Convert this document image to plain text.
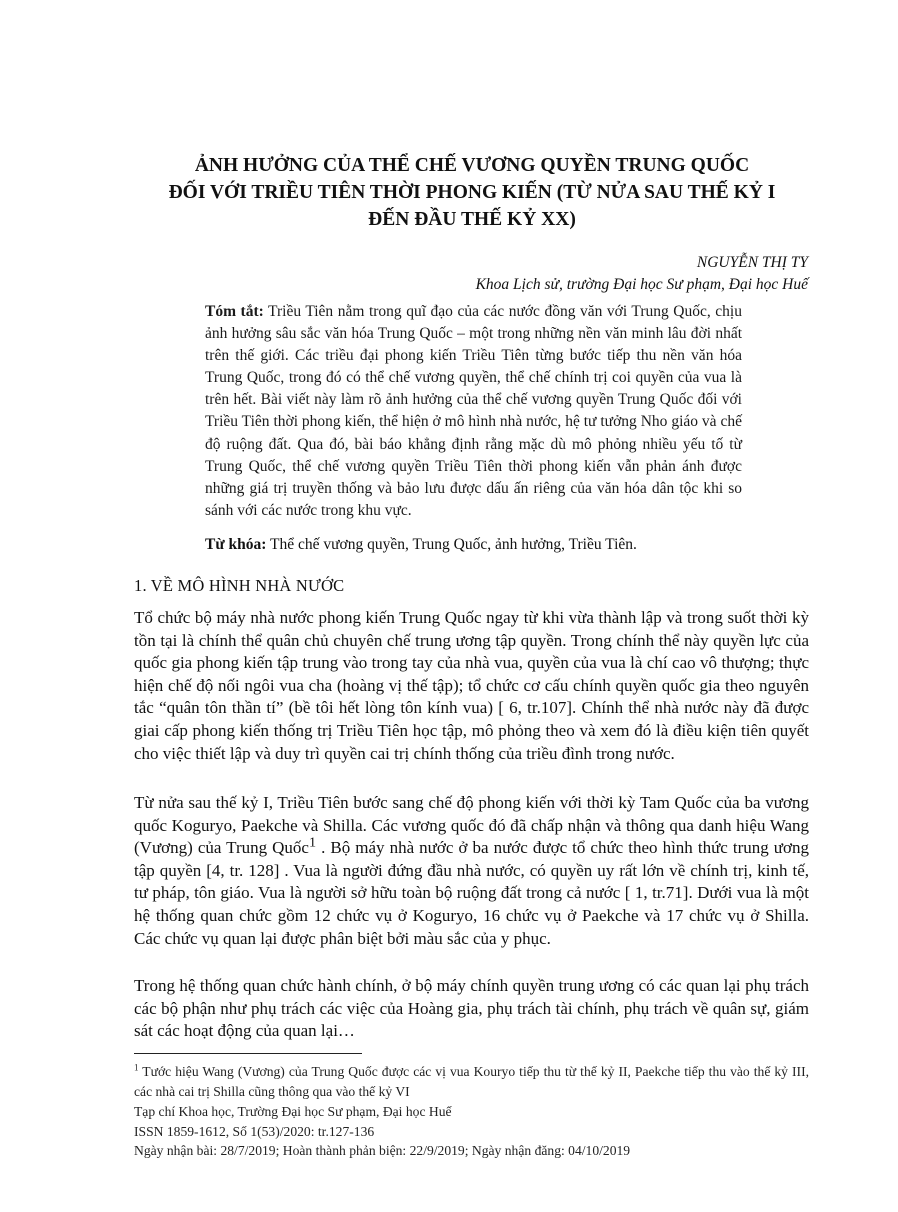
ẢNH HƯỞNG CỦA THỂ CHẾ VƯƠNG QUYỀN TRUNG QUỐC
ĐỐI VỚI TRIỀU TIÊN THỜI PHONG KIẾN (TỪ NỬA SAU THẾ KỶ I
ĐẾN ĐẦU THẾ KỶ XX)
NGUYỄN THỊ TY
Khoa Lịch sử, trường Đại học Sư phạm, Đại học Huế
Tóm tắt: Triều Tiên nằm trong quĩ đạo của các nước đồng văn với Trung Quốc, chịu ảnh hưởng sâu sắc văn hóa Trung Quốc – một trong những nền văn minh lâu đời nhất trên thế giới. Các triều đại phong kiến Triều Tiên từng bước tiếp thu nền văn hóa Trung Quốc, trong đó có thể chế vương quyền, thể chế chính trị coi quyền của vua là trên hết. Bài viết này làm rõ ảnh hưởng của thể chế vương quyền Trung Quốc đối với Triều Tiên thời phong kiến, thể hiện ở mô hình nhà nước, hệ tư tưởng Nho giáo và chế độ ruộng đất. Qua đó, bài báo khẳng định rằng mặc dù mô phỏng nhiều yếu tố từ Trung Quốc, thể chế vương quyền Triều Tiên thời phong kiến vẫn phản ánh được những giá trị truyền thống và bảo lưu được dấu ấn riêng của văn hóa dân tộc khi so sánh với các nước trong khu vực.
Từ khóa: Thể chế vương quyền, Trung Quốc, ảnh hưởng, Triều Tiên.
1. VỀ MÔ HÌNH NHÀ NƯỚC
Tổ chức bộ máy nhà nước phong kiến Trung Quốc ngay từ khi vừa thành lập và trong suốt thời kỳ tồn tại là chính thể quân chủ chuyên chế trung ương tập quyền. Trong chính thể này quyền lực của quốc gia phong kiến tập trung vào trong tay của nhà vua, quyền của vua là chí cao vô thượng; thực hiện chế độ nối ngôi vua cha (hoàng vị thế tập); tổ chức cơ cấu chính quyền quốc gia theo nguyên tắc “quân tôn thần tí” (bề tôi hết lòng tôn kính vua) [ 6, tr.107]. Chính thể nhà nước này đã được giai cấp phong kiến thống trị Triều Tiên học tập, mô phỏng theo và xem đó là điều kiện tiên quyết cho việc thiết lập và duy trì quyền cai trị chính thống của triều đình trong nước.
Từ nửa sau thế kỷ I, Triều Tiên bước sang chế độ phong kiến với thời kỳ Tam Quốc của ba vương quốc Koguryo, Paekche và Shilla. Các vương quốc đó đã chấp nhận và thông qua danh hiệu Wang (Vương) của Trung Quốc$^1$ . Bộ máy nhà nước ở ba nước được tổ chức theo hình thức trung ương tập quyền [4, tr. 128] . Vua là người đứng đầu nhà nước, có quyền uy rất lớn về chính trị, kinh tế, tư pháp, tôn giáo. Vua là người sở hữu toàn bộ ruộng đất trong cả nước [ 1, tr.71]. Dưới vua là một hệ thống quan chức gồm 12 chức vụ ở Koguryo, 16 chức vụ ở Paekche và 17 chức vụ ở Shilla. Các chức vụ quan lại được phân biệt bởi màu sắc của y phục.
Trong hệ thống quan chức hành chính, ở bộ máy chính quyền trung ương có các quan lại phụ trách các bộ phận như phụ trách các việc của Hoàng gia, phụ trách tài chính, phụ trách về quân sự, giám sát các hoạt động của quan lại…
$^1$ Tước hiệu Wang (Vương) của Trung Quốc được các vị vua Kouryo tiếp thu từ thế kỷ II, Paekche tiếp thu vào thế kỷ III, các nhà cai trị Shilla cũng thông qua vào thế kỷ VI
Tạp chí Khoa học, Trường Đại học Sư phạm, Đại học Huế
ISSN 1859-1612, Số 1(53)/2020: tr.127-136
Ngày nhận bài: 28/7/2019; Hoàn thành phản biện: 22/9/2019; Ngày nhận đăng: 04/10/2019
